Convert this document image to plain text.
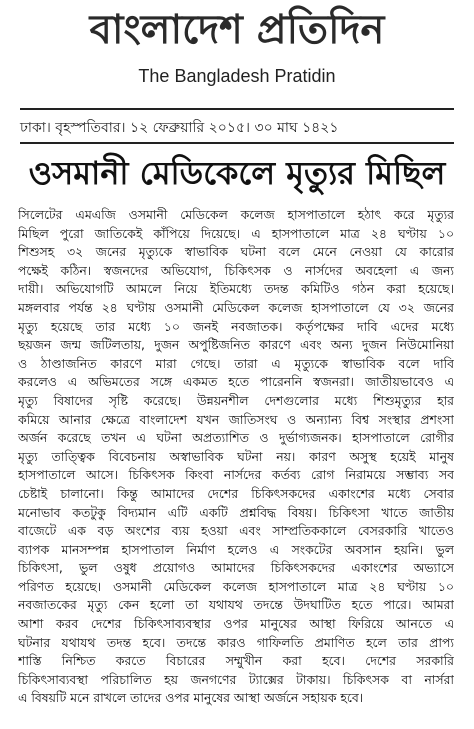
বাংলাদেশ প্রতিদিন
The Bangladesh Pratidin
ঢাকা। বৃহস্পতিবার। ১২ ফেব্রুয়ারি ২০১৫। ৩০ মাঘ ১৪২১
ওসমানী মেডিকেলে মৃত্যুর মিছিল
সিলেটের এমএজি ওসমানী মেডিকেল কলেজ হাসপাতালে হঠাৎ করে মৃত্যুর
মিছিল পুরো জাতিকেই কাঁপিয়ে দিয়েছে। এ হাসপাতালে মাত্র ২৪ ঘণ্টায় ১০
শিশুসহ ৩২ জনের মৃত্যুকে স্বাভাবিক ঘটনা বলে মেনে নেওয়া যে কারোর
পক্ষেই কঠিন। স্বজনদের অভিযোগ, চিকিৎসক ও নার্সদের অবহেলা এ জন্য
দায়ী। অভিযোগটি আমলে নিয়ে ইতিমধ্যে তদন্ত কমিটিও গঠন করা হয়েছে।
মঙ্গলবার পর্যন্ত ২৪ ঘণ্টায় ওসমানী মেডিকেল কলেজ হাসপাতালে যে ৩২ জনের
মৃত্যু হয়েছে তার মধ্যে ১০ জনই নবজাতক। কর্তৃপক্ষের দাবি এদের মধ্যে
ছয়জন জন্ম জটিলতায়, দুজন অপুষ্টিজনিত কারণে এবং অন্য দুজন নিউমোনিয়া
ও ঠাণ্ডাজনিত কারণে মারা গেছে। তারা এ মৃত্যুকে স্বাভাবিক বলে দাবি
করলেও এ অভিমতের সঙ্গে একমত হতে পারেননি স্বজনরা। জাতীয়ভাবেও এ
মৃত্যু বিষাদের সৃষ্টি করেছে। উন্নয়নশীল দেশগুলোর মধ্যে শিশুমৃত্যুর হার
কমিয়ে আনার ক্ষেত্রে বাংলাদেশ যখন জাতিসংঘ ও অন্যান্য বিশ্ব সংস্থার প্রশংসা
অর্জন করেছে তখন এ ঘটনা অপ্রত্যাশিত ও দুর্ভাগ্যজনক। হাসপাতালে রোগীর
মৃত্যু তাত্ত্বিক বিবেচনায় অস্বাভাবিক ঘটনা নয়। কারণ অসুস্থ হয়েই মানুষ
হাসপাতালে আসে। চিকিৎসক কিংবা নার্সদের কর্তব্য রোগ নিরাময়ে সম্ভাব্য সব
চেষ্টাই চালানো। কিন্তু আমাদের দেশের চিকিৎসকদের একাংশের মধ্যে সেবার
মনোভাব কতটুকু বিদ্যমান এটি একটি প্রশ্নবিদ্ধ বিষয়। চিকিৎসা খাতে জাতীয়
বাজেটে এক বড় অংশের ব্যয় হওয়া এবং সাম্প্রতিককালে বেসরকারি খাতেও
ব্যাপক মানসম্পন্ন হাসপাতাল নির্মাণ হলেও এ সংকটের অবসান হয়নি। ভুল
চিকিৎসা, ভুল ওষুধ প্রয়োগও আমাদের চিকিৎসকদের একাংশের অভ্যাসে
পরিণত হয়েছে। ওসমানী মেডিকেল কলেজ হাসপাতালে মাত্র ২৪ ঘণ্টায় ১০
নবজাতকের মৃত্যু কেন হলো তা যথাযথ তদন্তে উদঘাটিত হতে পারে। আমরা
আশা করব দেশের চিকিৎসাব্যবস্থার ওপর মানুষের আস্থা ফিরিয়ে আনতে এ
ঘটনার যথাযথ তদন্ত হবে। তদন্তে কারও গাফিলতি প্রমাণিত হলে তার প্রাপ্য
শাস্তি নিশ্চিত করতে বিচারের সম্মুখীন করা হবে। দেশের সরকারি
চিকিৎসাব্যবস্থা পরিচালিত হয় জনগণের ট্যাক্সের টাকায়। চিকিৎসক বা নার্সরা
এ বিষয়টি মনে রাখলে তাদের ওপর মানুষের আস্থা অর্জনে সহায়ক হবে।
